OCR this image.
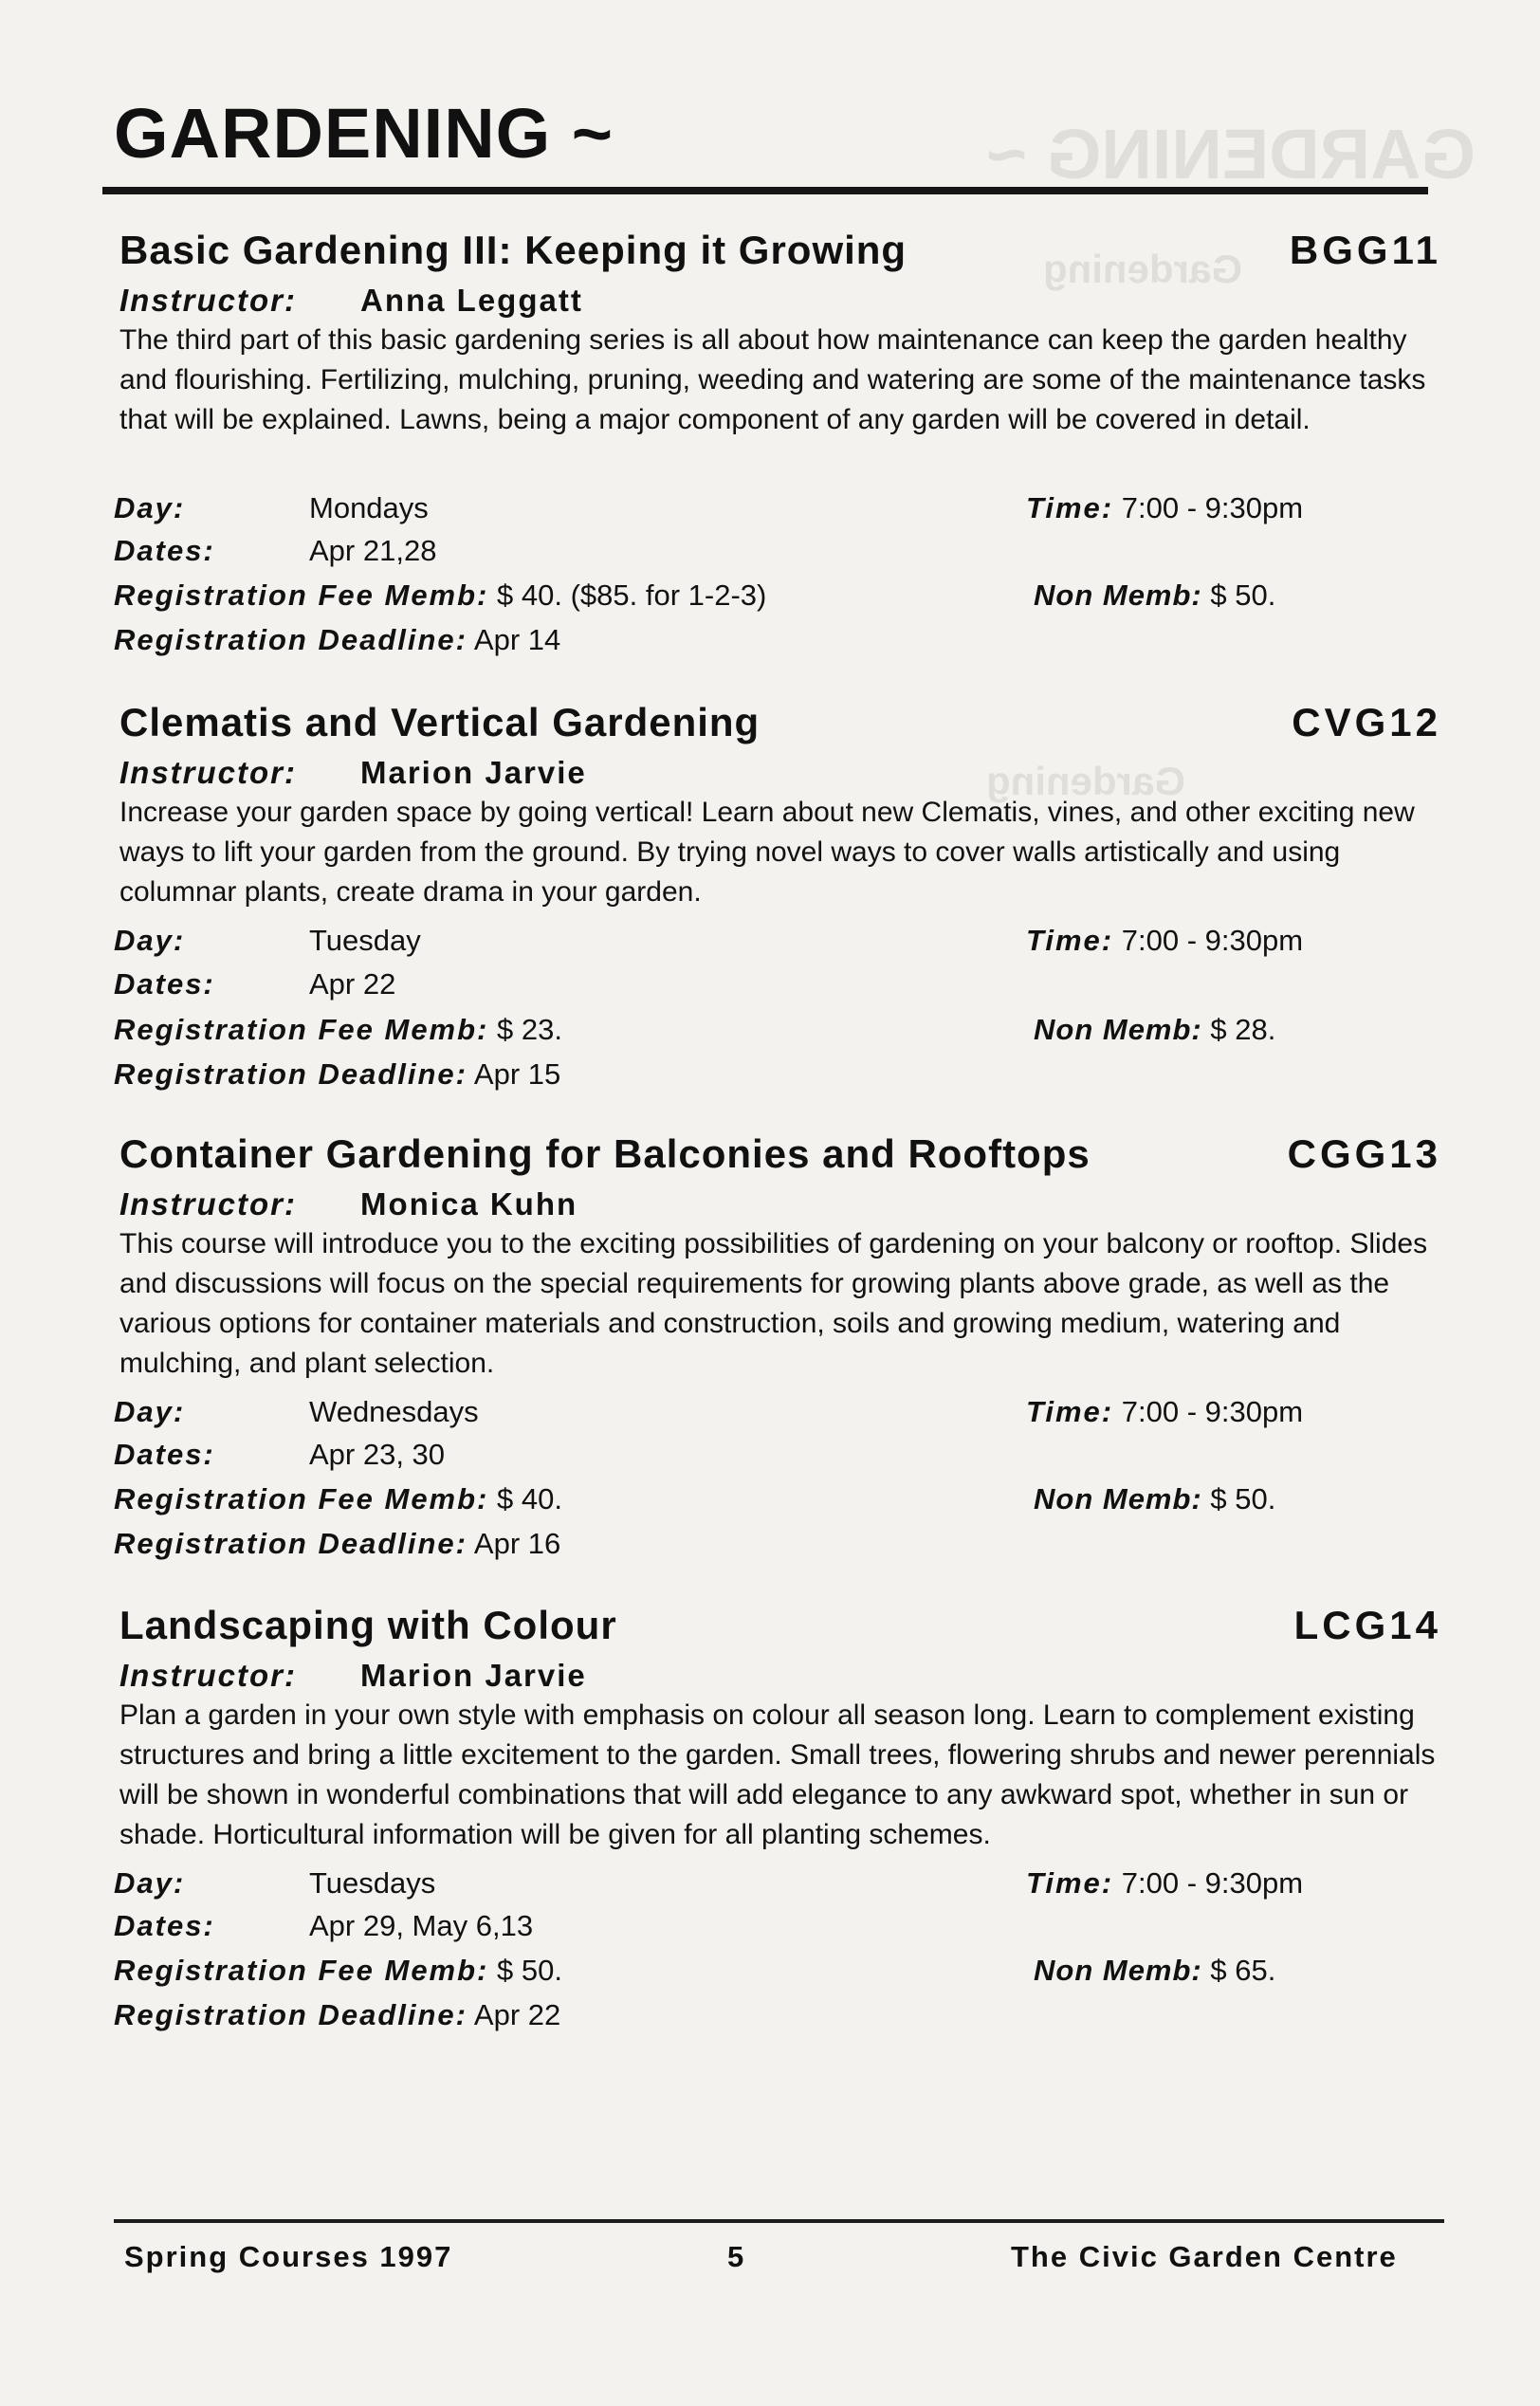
GARDENING ~
Gardening
Gardening
GARDENING ~
Basic Gardening III: Keeping it Growing	BGG11
Instructor: Anna Leggatt
The third part of this basic gardening series is all about how maintenance can keep the garden healthy and flourishing. Fertilizing, mulching, pruning, weeding and watering are some of the maintenance tasks that will be explained. Lawns, being a major component of any garden will be covered in detail.
Day:	Mondays	Time: 7:00 - 9:30pm
Dates:	Apr 21,28
Registration Fee Memb: $ 40. ($85. for 1-2-3)	Non Memb: $ 50.
Registration Deadline: Apr 14
Clematis and Vertical Gardening	CVG12
Instructor: Marion Jarvie
Increase your garden space by going vertical! Learn about new Clematis, vines, and other exciting new ways to lift your garden from the ground. By trying novel ways to cover walls artistically and using columnar plants, create drama in your garden.
Day:	Tuesday	Time: 7:00 - 9:30pm
Dates:	Apr 22
Registration Fee Memb: $ 23.	Non Memb: $ 28.
Registration Deadline: Apr 15
Container Gardening for Balconies and Rooftops	CGG13
Instructor: Monica Kuhn
This course will introduce you to the exciting possibilities of gardening on your balcony or rooftop. Slides and discussions will focus on the special requirements for growing plants above grade, as well as the various options for container materials and construction, soils and growing medium, watering and mulching, and plant selection.
Day:	Wednesdays	Time: 7:00 - 9:30pm
Dates:	Apr 23, 30
Registration Fee Memb: $ 40.	Non Memb: $ 50.
Registration Deadline: Apr 16
Landscaping with Colour	LCG14
Instructor: Marion Jarvie
Plan a garden in your own style with emphasis on colour all season long. Learn to complement existing structures and bring a little excitement to the garden. Small trees, flowering shrubs and newer perennials will be shown in wonderful combinations that will add elegance to any awkward spot, whether in sun or shade. Horticultural information will be given for all planting schemes.
Day:	Tuesdays	Time: 7:00 - 9:30pm
Dates:	Apr 29, May 6,13
Registration Fee Memb: $ 50.	Non Memb: $ 65.
Registration Deadline: Apr 22
Spring Courses 1997	5	The Civic Garden Centre
